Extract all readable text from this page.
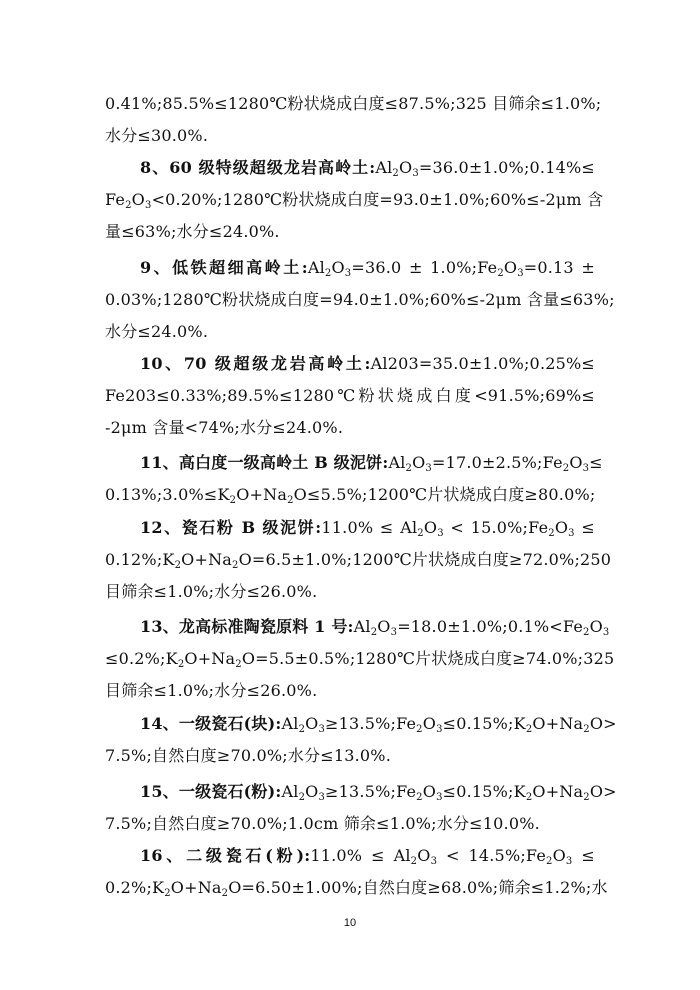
0.41%;85.5%≤1280℃粉状烧成白度≤87.5%;325 目筛余≤1.0%;
水分≤30.0%.
8、60 级特级超级龙岩高岭土$:Al_2O_3=36.0\pm 1.0\%;0.14\%\le$
$Fe_2O_3<0.20\%;1280℃$粉状烧成白度=93.0±1.0%;60%≤-2μm 含
量≤63%;水分≤24.0%.
9、低铁超细高岭土$:Al_2O_3=36.0$ ± $1.0\%;Fe_2O_3=0.13$ ±
0.03%;1280℃粉状烧成白度=94.0±1.0%;60%≤-2μm 含量≤63%;
水分≤24.0%.
10、70 级超级龙岩高岭土:Al203=35.0±1.0%;0.25%≤
Fe203≤0.33%;89.5%≤1280℃粉状烧成白度<91.5%;69%≤
-2μm 含量<74%;水分≤24.0%.
11、高白度一级高岭土 B 级泥饼$:Al_2O_3=17.0\pm 2.5\%;Fe_2O_3\le$
$0.13\%;3.0\%\le K_2O+Na_2O\le 5.5\%;1200℃$片状烧成白度≥80.0%;
12、瓷石粉 B 级泥饼:11.0% ≤ $Al_2O_3$ < $15.0\%;Fe_2O_3$ ≤
$0.12\%;K_2O+Na_2O=6.5\pm 1.0\%;1200℃$片状烧成白度≥72.0%;250
目筛余≤1.0%;水分≤26.0%.
13、龙高标准陶瓷原料 1 号$:Al_2O_3=18.0\pm 1.0\%;0.1\%<Fe_2O_3$
$\le 0.2\%;K_2O+Na_2O=5.5\pm 0.5\%;1280℃$片状烧成白度≥74.0%;325
目筛余≤1.0%;水分≤26.0%.
14、一级瓷石(块)$:Al_2O_3\ge 13.5\%;Fe_2O_3\le 0.15\%;K_2O+Na_2O>$
7.5%;自然白度≥70.0%;水分≤13.0%.
15、一级瓷石(粉)$:Al_2O_3\ge 13.5\%;Fe_2O_3\le 0.15\%;K_2O+Na_2O>$
7.5%;自然白度≥70.0%;1.0cm 筛余≤1.0%;水分≤10.0%.
16、二级瓷石(粉):11.0% ≤ $Al_2O_3$ < $14.5\%;Fe_2O_3$ ≤
$0.2\%;K_2O+Na_2O=6.50\pm 1.00\%$;自然白度≥68.0%;筛余≤1.2%;水
10
